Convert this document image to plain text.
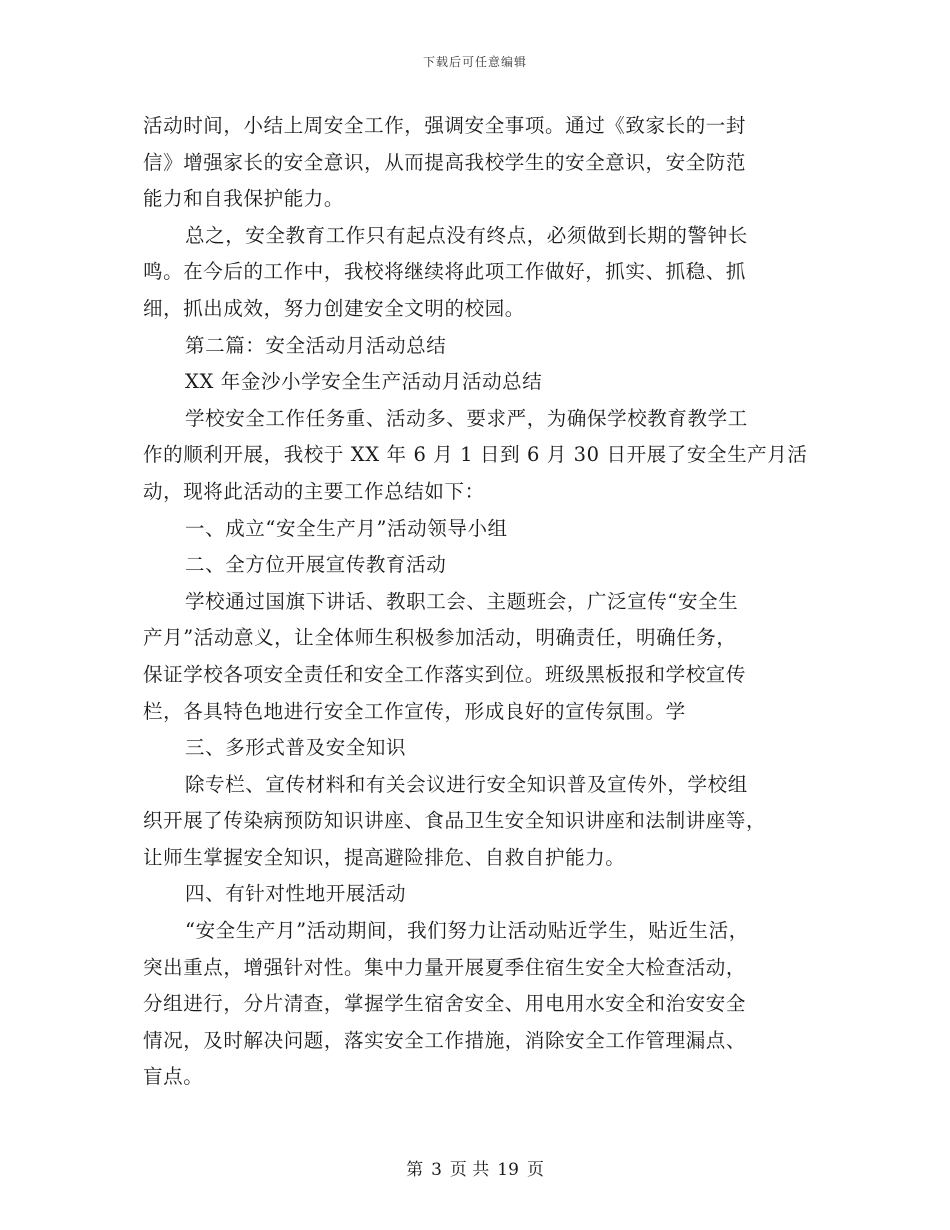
下载后可任意编辑
活动时间，小结上周安全工作，强调安全事项。通过《致家长的一封
信》增强家长的安全意识，从而提高我校学生的安全意识，安全防范
能力和自我保护能力。
总之，安全教育工作只有起点没有终点，必须做到长期的警钟长
鸣。在今后的工作中，我校将继续将此项工作做好，抓实、抓稳、抓
细，抓出成效，努力创建安全文明的校园。
第二篇：安全活动月活动总结
XX 年金沙小学安全生产活动月活动总结
学校安全工作任务重、活动多、要求严，为确保学校教育教学工
作的顺利开展，我校于 XX 年 6 月 1 日到 6 月 30 日开展了安全生产月活
动，现将此活动的主要工作总结如下：
一、成立“安全生产月”活动领导小组
二、全方位开展宣传教育活动
学校通过国旗下讲话、教职工会、主题班会，广泛宣传“安全生
产月”活动意义，让全体师生积极参加活动，明确责任，明确任务，
保证学校各项安全责任和安全工作落实到位。班级黑板报和学校宣传
栏，各具特色地进行安全工作宣传，形成良好的宣传氛围。学
三、多形式普及安全知识
除专栏、宣传材料和有关会议进行安全知识普及宣传外，学校组
织开展了传染病预防知识讲座、食品卫生安全知识讲座和法制讲座等，
让师生掌握安全知识，提高避险排危、自救自护能力。
四、有针对性地开展活动
“安全生产月”活动期间，我们努力让活动贴近学生，贴近生活，
突出重点，增强针对性。集中力量开展夏季住宿生安全大检查活动，
分组进行，分片清查，掌握学生宿舍安全、用电用水安全和治安安全
情况，及时解决问题，落实安全工作措施，消除安全工作管理漏点、
盲点。
第 3 页 共 19 页
